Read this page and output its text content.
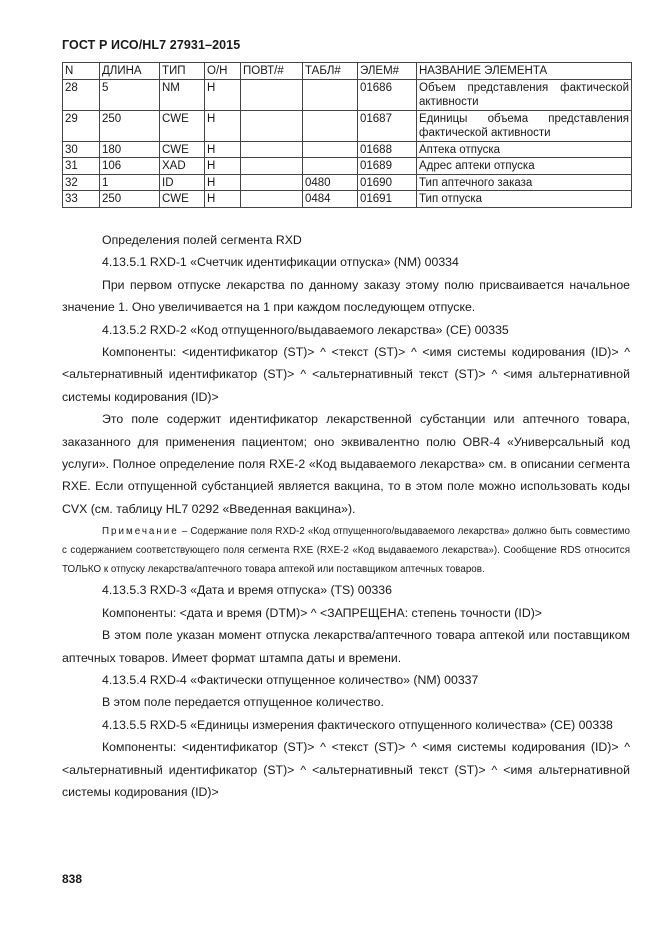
ГОСТ Р ИСО/HL7 27931–2015
N	ДЛИНА	ТИП	О/Н	ПОВТ/#	ТАБЛ#	ЭЛЕМ#	НАЗВАНИЕ ЭЛЕМЕНТА
28	5	NM	Н			01686	Объем представления фактической активности
29	250	CWE	Н			01687	Единицы объема представления фактической активности
30	180	CWE	Н			01688	Аптека отпуска
31	106	XAD	Н			01689	Адрес аптеки отпуска
32	1	ID	Н		0480	01690	Тип аптечного заказа
33	250	CWE	Н		0484	01691	Тип отпуска

Определения полей сегмента RXD

4.13.5.1 RXD-1 «Счетчик идентификации отпуска» (NM) 00334

При первом отпуске лекарства по данному заказу этому полю присваивается начальное значение 1. Оно увеличивается на 1 при каждом последующем отпуске.

4.13.5.2 RXD-2 «Код отпущенного/выдаваемого лекарства» (CE) 00335

Компоненты: <идентификатор (ST)> ^ <текст (ST)> ^ <имя системы кодирования (ID)> ^ <альтернативный идентификатор (ST)> ^ <альтернативный текст (ST)> ^ <имя альтернативной системы кодирования (ID)>

Это поле содержит идентификатор лекарственной субстанции или аптечного товара, заказанного для применения пациентом; оно эквивалентно полю OBR-4 «Универсальный код услуги». Полное определение поля RXE-2 «Код выдаваемого лекарства» см. в описании сегмента RXE. Если отпущенной субстанцией является вакцина, то в этом поле можно использовать коды CVX (см. таблицу HL7 0292 «Введенная вакцина»).

Примечание – Содержание поля RXD-2 «Код отпущенного/выдаваемого лекарства» должно быть совместимо с содержанием соответствующего поля сегмента RXE (RXE-2 «Код выдаваемого лекарства»). Сообщение RDS относится ТОЛЬКО к отпуску лекарства/аптечного товара аптекой или поставщиком аптечных товаров.

4.13.5.3 RXD-3 «Дата и время отпуска» (TS) 00336

Компоненты: <дата и время (DTM)> ^ <ЗАПРЕЩЕНА: степень точности (ID)>

В этом поле указан момент отпуска лекарства/аптечного товара аптекой или поставщиком аптечных товаров. Имеет формат штампа даты и времени.

4.13.5.4 RXD-4 «Фактически отпущенное количество» (NM) 00337

В этом поле передается отпущенное количество.

4.13.5.5 RXD-5 «Единицы измерения фактического отпущенного количества» (CE) 00338

Компоненты: <идентификатор (ST)> ^ <текст (ST)> ^ <имя системы кодирования (ID)> ^ <альтернативный идентификатор (ST)> ^ <альтернативный текст (ST)> ^ <имя альтернативной системы кодирования (ID)>

838
